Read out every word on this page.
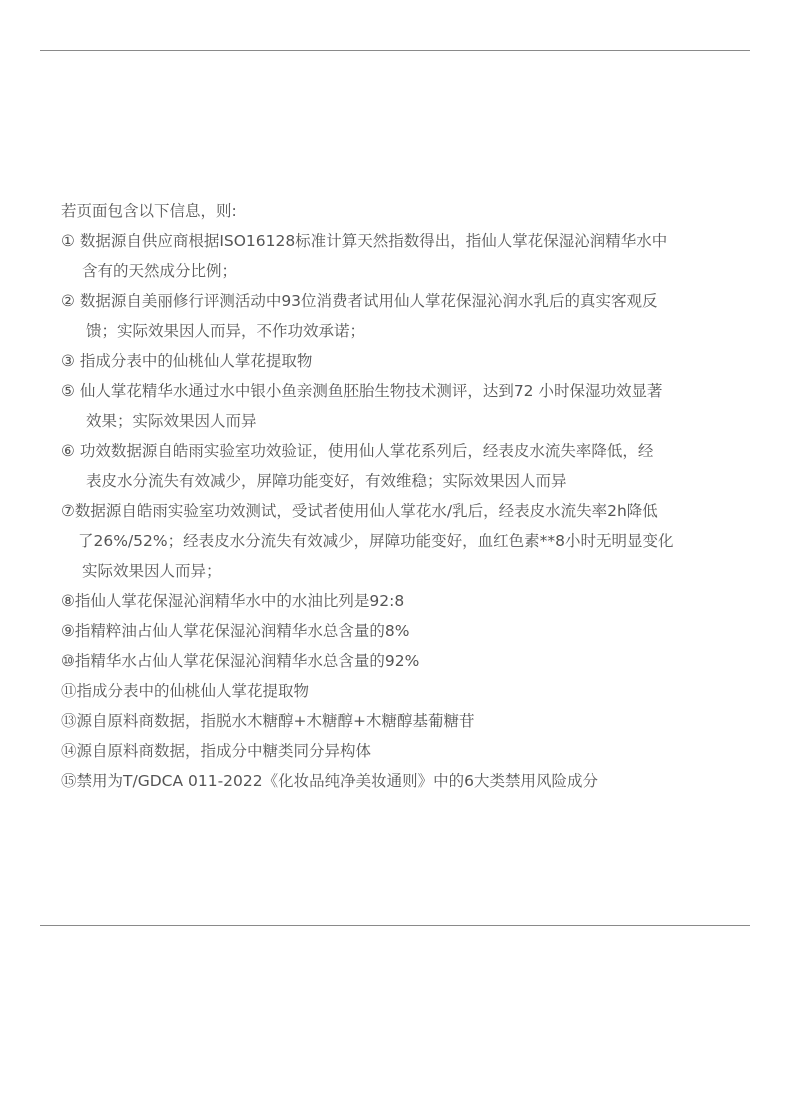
若页面包含以下信息，则:

① 数据源自供应商根据ISO16128标准计算天然指数得出，指仙人掌花保湿沁润精华水中
含有的天然成分比例；
② 数据源自美丽修行评测活动中93位消费者试用仙人掌花保湿沁润水乳后的真实客观反
馈；实际效果因人而异，不作功效承诺；
③ 指成分表中的仙桃仙人掌花提取物
⑤ 仙人掌花精华水通过水中银小鱼亲测鱼胚胎生物技术测评，达到72 小时保湿功效显著
效果；实际效果因人而异
⑥ 功效数据源自皓雨实验室功效验证，使用仙人掌花系列后，经表皮水流失率降低，经
表皮水分流失有效减少，屏障功能变好，有效维稳；实际效果因人而异
⑦数据源自皓雨实验室功效测试，受试者使用仙人掌花水/乳后，经表皮水流失率2h降低
了26%/52%；经表皮水分流失有效减少，屏障功能变好，血红色素**8小时无明显变化
实际效果因人而异；
⑧指仙人掌花保湿沁润精华水中的水油比列是92:8
⑨指精粹油占仙人掌花保湿沁润精华水总含量的8%
⑩指精华水占仙人掌花保湿沁润精华水总含量的92%
⑪指成分表中的仙桃仙人掌花提取物
⑬源自原料商数据，指脱水木糖醇+木糖醇+木糖醇基葡糖苷
⑭源自原料商数据，指成分中糖类同分异构体
⑮禁用为T/GDCA 011-2022《化妆品纯净美妆通则》中的6大类禁用风险成分
